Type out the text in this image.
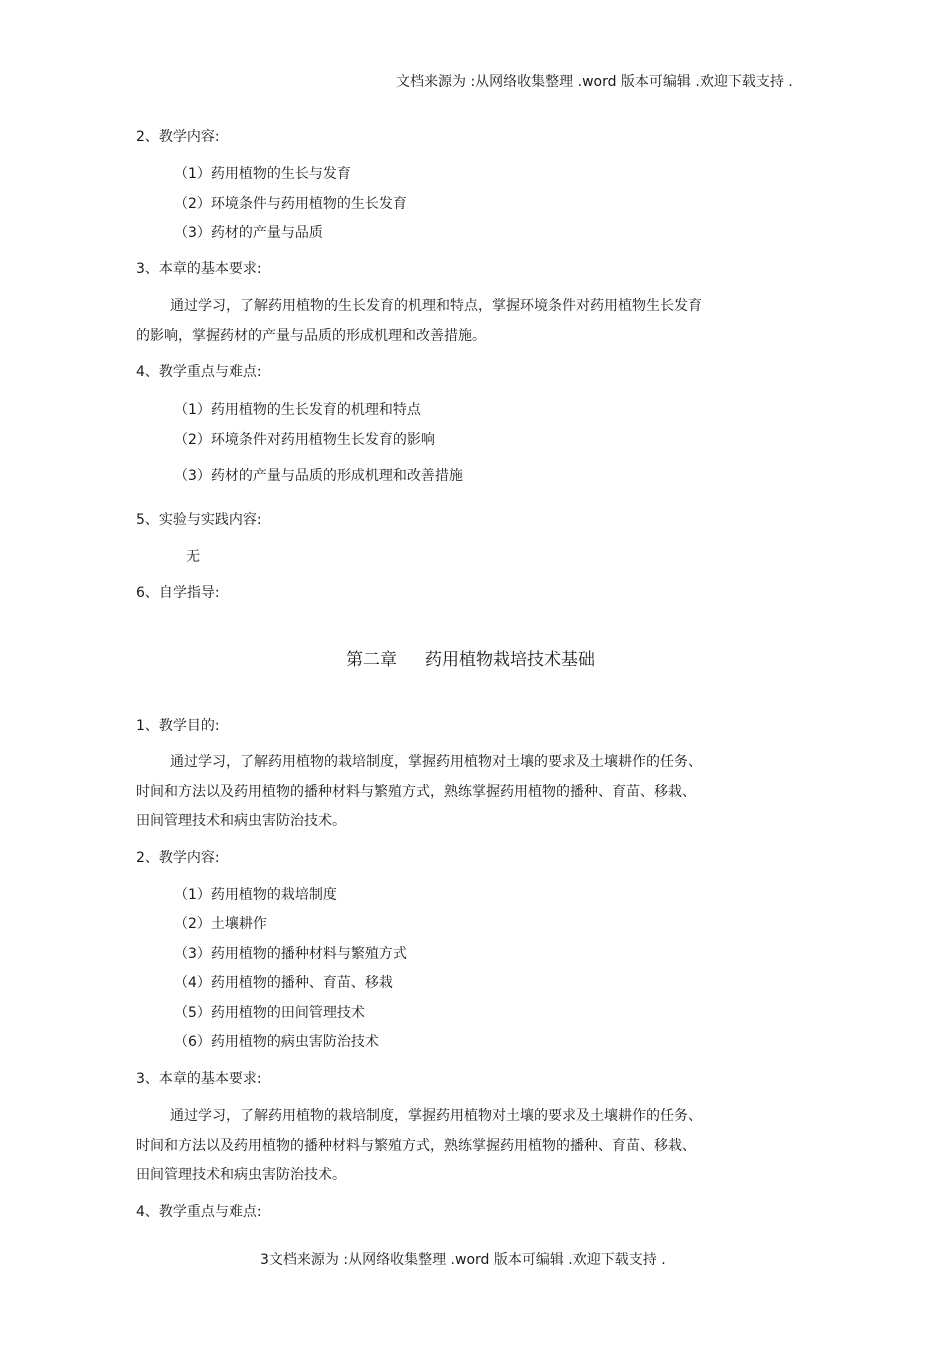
文档来源为 :从网络收集整理 .word 版本可编辑 .欢迎下载支持 .
2、教学内容:
（1）药用植物的生长与发育
（2）环境条件与药用植物的生长发育
（3）药材的产量与品质
3、本章的基本要求:
通过学习，了解药用植物的生长发育的机理和特点，掌握环境条件对药用植物生长发育
的影响，掌握药材的产量与品质的形成机理和改善措施。
4、教学重点与难点:
（1）药用植物的生长发育的机理和特点
（2）环境条件对药用植物生长发育的影响
（3）药材的产量与品质的形成机理和改善措施
5、实验与实践内容:
无
6、自学指导:
第二章 药用植物栽培技术基础
1、教学目的:
通过学习，了解药用植物的栽培制度，掌握药用植物对土壤的要求及土壤耕作的任务、
时间和方法以及药用植物的播种材料与繁殖方式，熟练掌握药用植物的播种、育苗、移栽、
田间管理技术和病虫害防治技术。
2、教学内容:
（1）药用植物的栽培制度
（2）土壤耕作
（3）药用植物的播种材料与繁殖方式
（4）药用植物的播种、育苗、移栽
（5）药用植物的田间管理技术
（6）药用植物的病虫害防治技术
3、本章的基本要求:
通过学习，了解药用植物的栽培制度，掌握药用植物对土壤的要求及土壤耕作的任务、
时间和方法以及药用植物的播种材料与繁殖方式，熟练掌握药用植物的播种、育苗、移栽、
田间管理技术和病虫害防治技术。
4、教学重点与难点:
3文档来源为 :从网络收集整理 .word 版本可编辑 .欢迎下载支持 .
